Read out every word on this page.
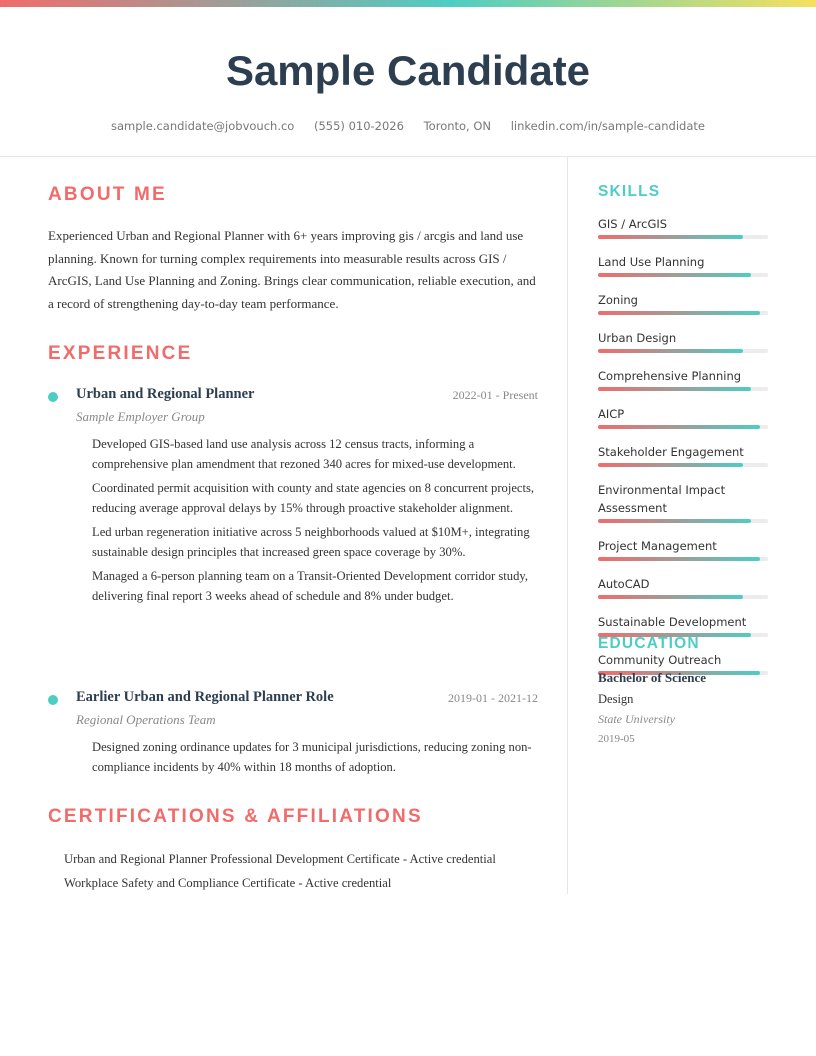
Sample Candidate
sample.candidate@jobvouch.co (555) 010-2026 Toronto, ON linkedin.com/in/sample-candidate
ABOUT ME
Experienced Urban and Regional Planner with 6+ years improving gis / arcgis and land use planning. Known for turning complex requirements into measurable results across GIS / ArcGIS, Land Use Planning and Zoning. Brings clear communication, reliable execution, and a record of strengthening day-to-day team performance.
EXPERIENCE
Urban and Regional Planner	2022-01 - Present
Sample Employer Group
Developed GIS-based land use analysis across 12 census tracts, informing a comprehensive plan amendment that rezoned 340 acres for mixed-use development.
Coordinated permit acquisition with county and state agencies on 8 concurrent projects, reducing average approval delays by 15% through proactive stakeholder alignment.
Led urban regeneration initiative across 5 neighborhoods valued at $10M+, integrating sustainable design principles that increased green space coverage by 30%.
Managed a 6-person planning team on a Transit-Oriented Development corridor study, delivering final report 3 weeks ahead of schedule and 8% under budget.
Earlier Urban and Regional Planner Role	2019-01 - 2021-12
Regional Operations Team
Designed zoning ordinance updates for 3 municipal jurisdictions, reducing zoning non-compliance incidents by 40% within 18 months of adoption.
CERTIFICATIONS & AFFILIATIONS
Urban and Regional Planner Professional Development Certificate - Active credential
Workplace Safety and Compliance Certificate - Active credential
SKILLS
GIS / ArcGIS
Land Use Planning
Zoning
Urban Design
Comprehensive Planning
AICP
Stakeholder Engagement
Environmental Impact Assessment
Project Management
AutoCAD
Sustainable Development
Community Outreach
EDUCATION
Bachelor of Science
Design
State University
2019-05
